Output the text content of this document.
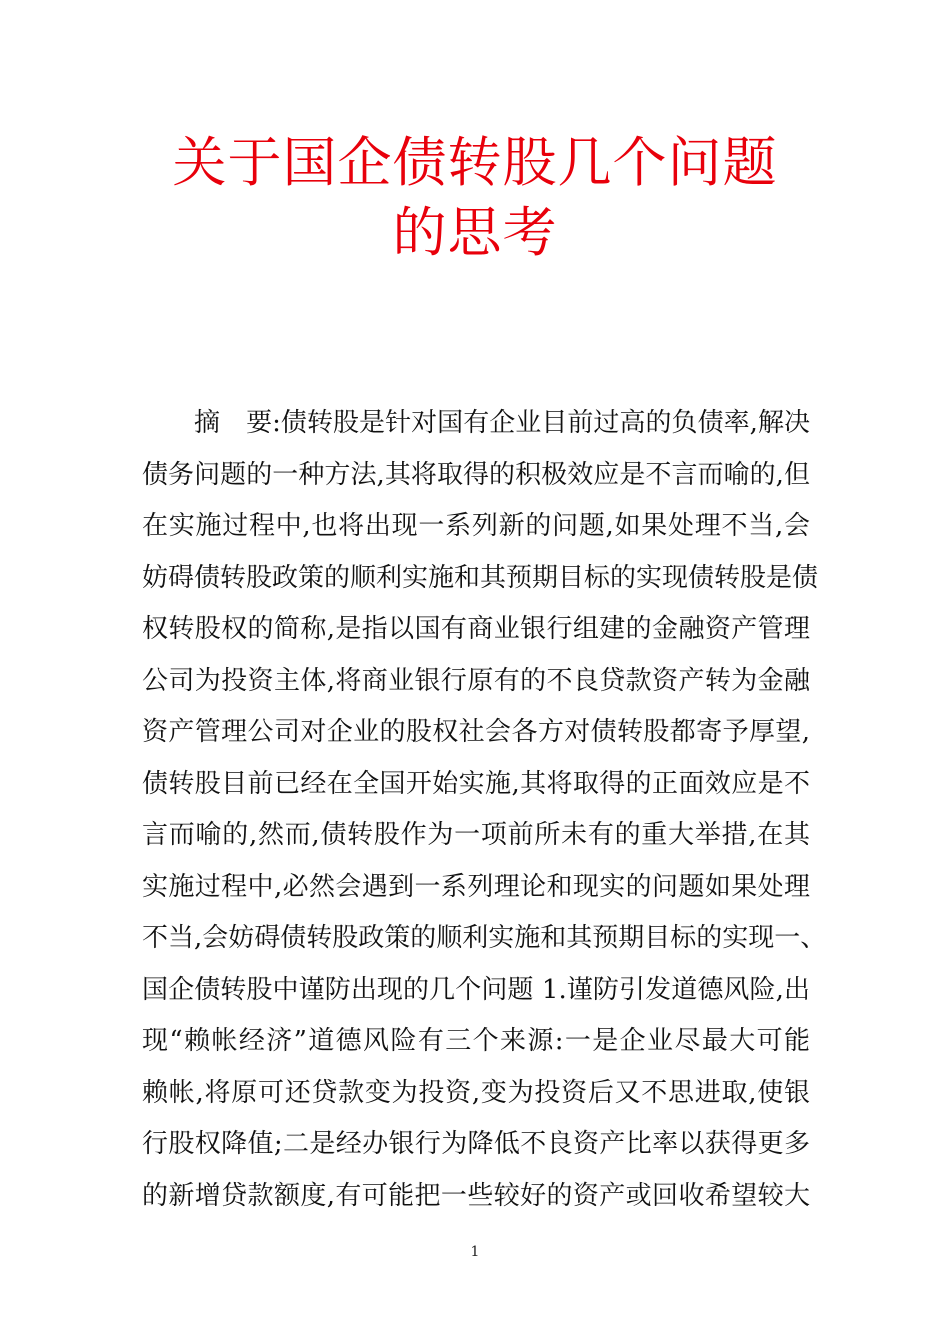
关于国企债转股几个问题
的思考
摘　要:债转股是针对国有企业目前过高的负债率,解决
债务问题的一种方法,其将取得的积极效应是不言而喻的,但
在实施过程中,也将出现一系列新的问题,如果处理不当,会
妨碍债转股政策的顺利实施和其预期目标的实现债转股是债
权转股权的简称,是指以国有商业银行组建的金融资产管理
公司为投资主体,将商业银行原有的不良贷款资产转为金融
资产管理公司对企业的股权社会各方对债转股都寄予厚望,
债转股目前已经在全国开始实施,其将取得的正面效应是不
言而喻的,然而,债转股作为一项前所未有的重大举措,在其
实施过程中,必然会遇到一系列理论和现实的问题如果处理
不当,会妨碍债转股政策的顺利实施和其预期目标的实现一、
国企债转股中谨防出现的几个问题 1.谨防引发道德风险,出
现“赖帐经济”道德风险有三个来源:一是企业尽最大可能
赖帐,将原可还贷款变为投资,变为投资后又不思进取,使银
行股权降值;二是经办银行为降低不良资产比率以获得更多
的新增贷款额度,有可能把一些较好的资产或回收希望较大
1
